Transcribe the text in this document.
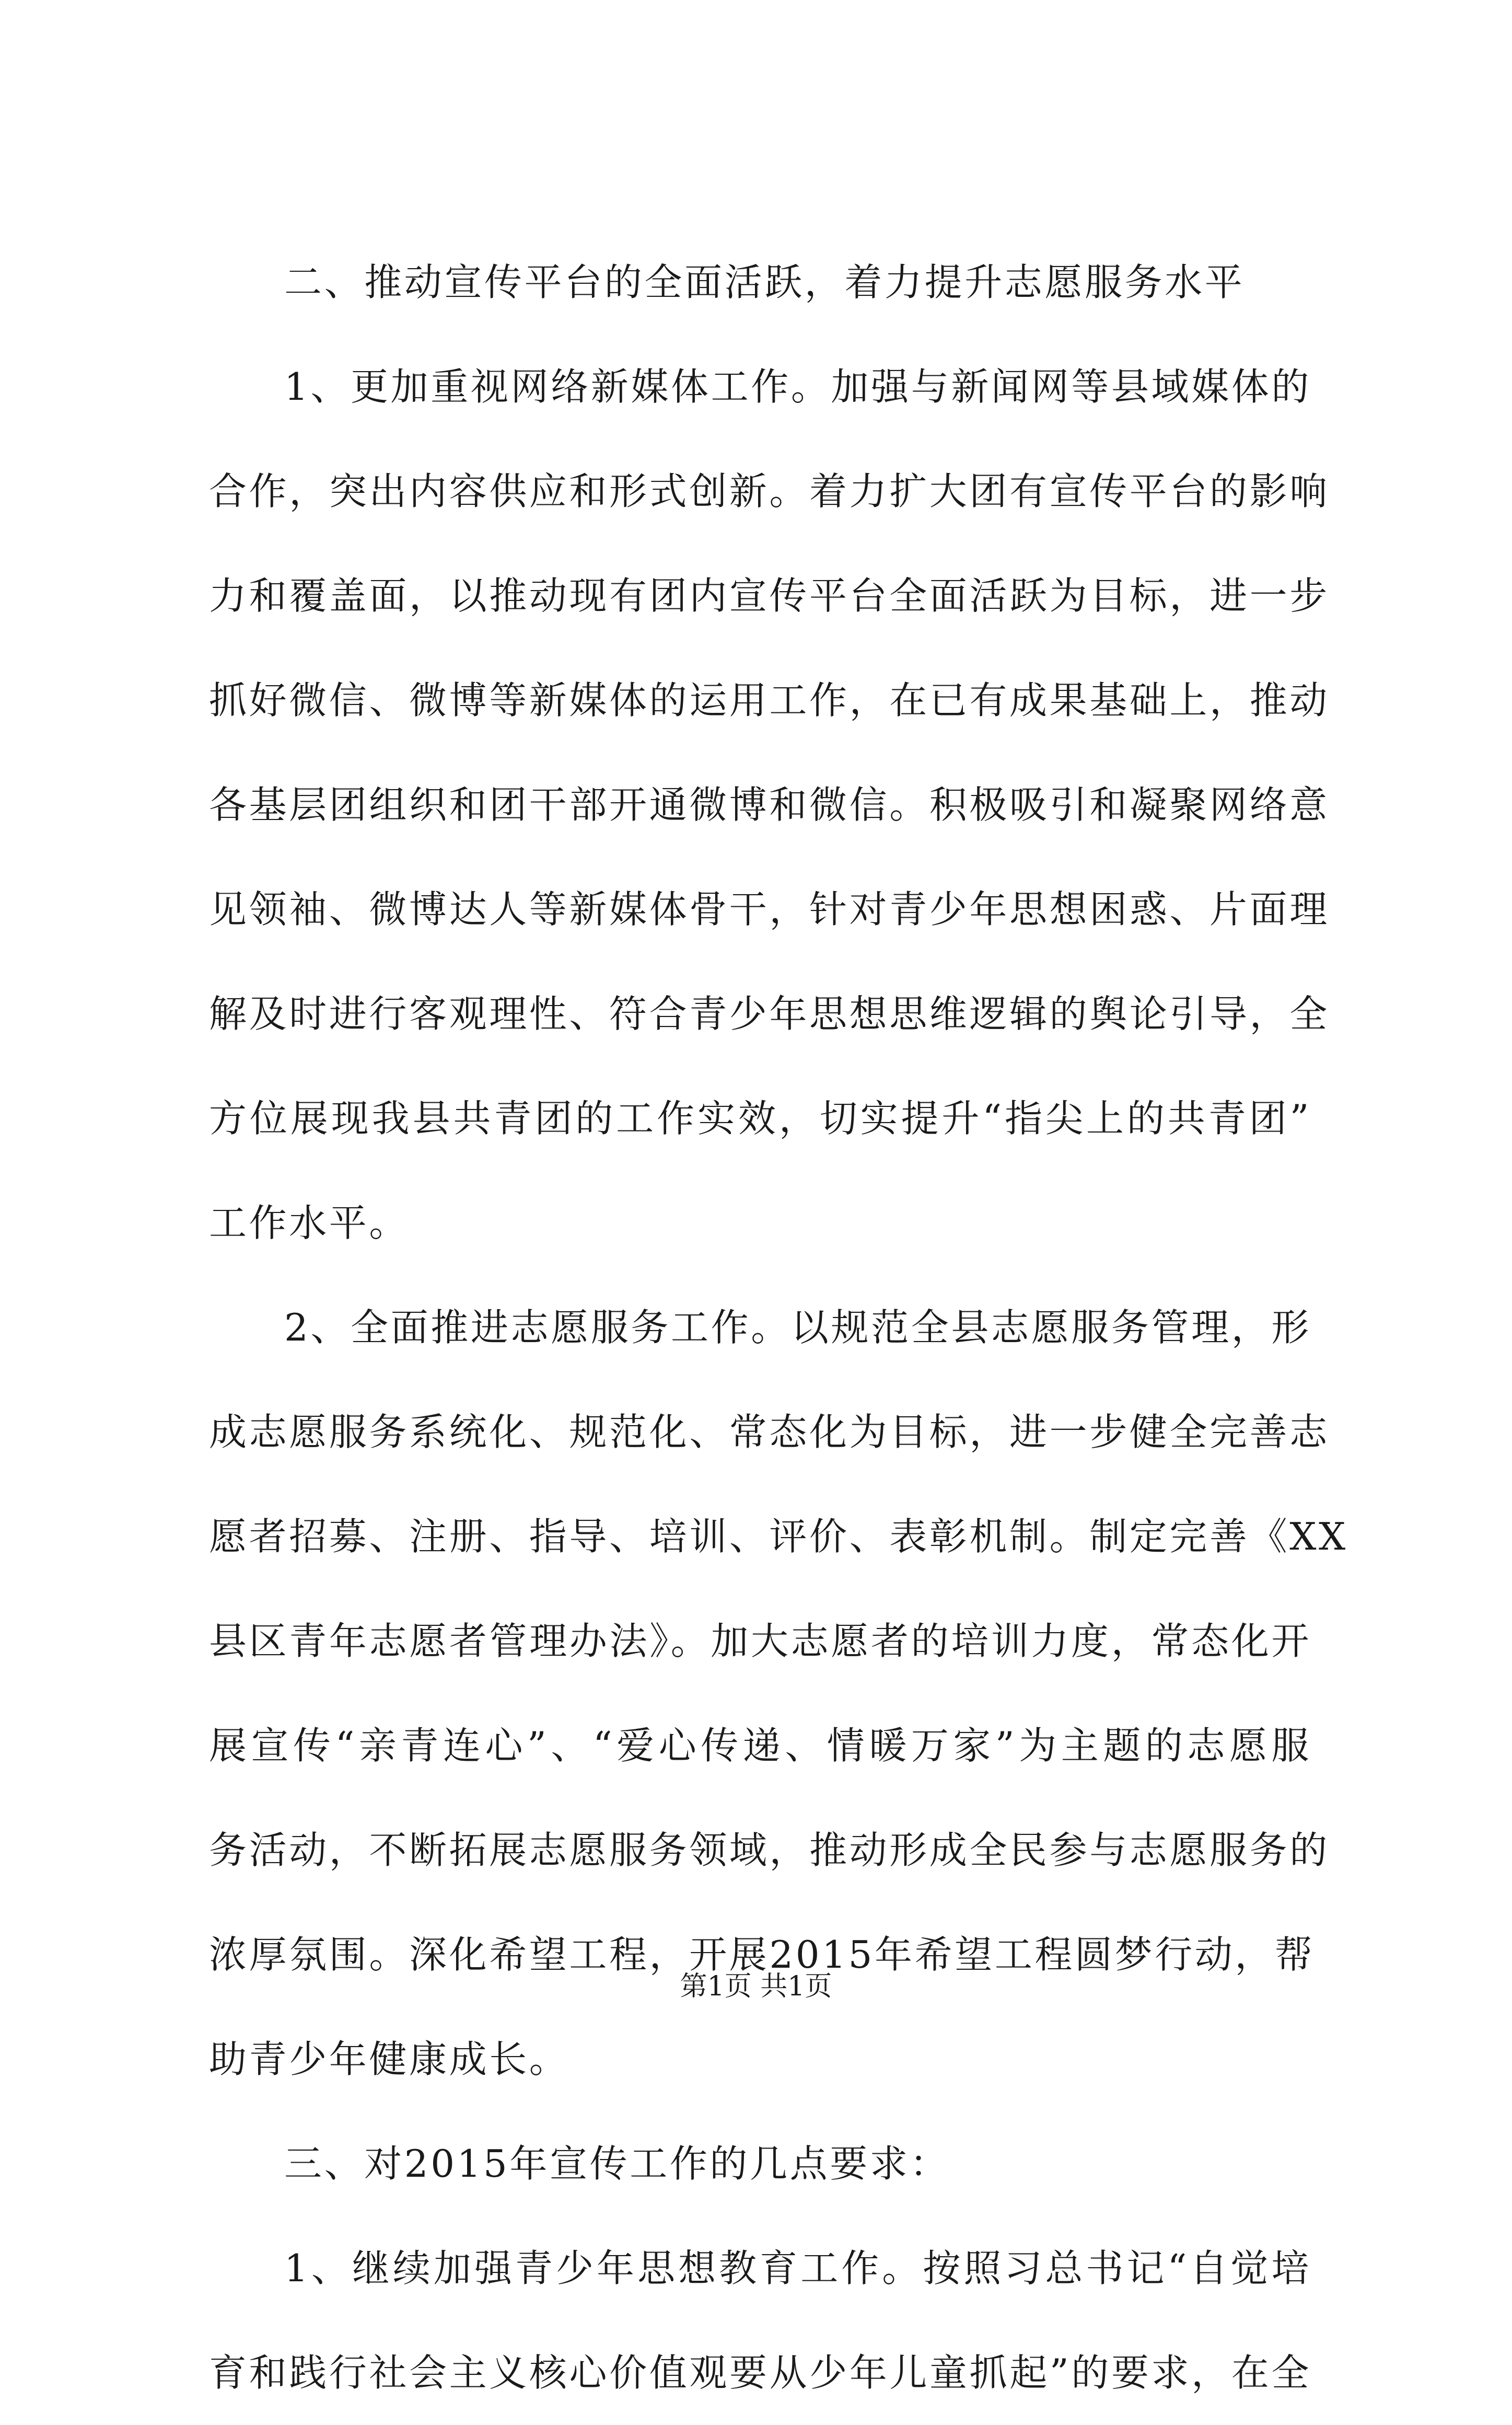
二、推动宣传平台的全面活跃，着力提升志愿服务水平
1、更加重视网络新媒体工作。加强与新闻网等县域媒体的
合作，突出内容供应和形式创新。着力扩大团有宣传平台的影响
力和覆盖面，以推动现有团内宣传平台全面活跃为目标，进一步
抓好微信、微博等新媒体的运用工作，在已有成果基础上，推动
各基层团组织和团干部开通微博和微信。积极吸引和凝聚网络意
见领袖、微博达人等新媒体骨干，针对青少年思想困惑、片面理
解及时进行客观理性、符合青少年思想思维逻辑的舆论引导，全
方位展现我县共青团的工作实效，切实提升“指尖上的共青团”
工作水平。
2、全面推进志愿服务工作。以规范全县志愿服务管理，形
成志愿服务系统化、规范化、常态化为目标，进一步健全完善志
愿者招募、注册、指导、培训、评价、表彰机制。制定完善《XX
县区青年志愿者管理办法》。加大志愿者的培训力度，常态化开
展宣传“亲青连心”、“爱心传递、情暖万家”为主题的志愿服
务活动，不断拓展志愿服务领域，推动形成全民参与志愿服务的
浓厚氛围。深化希望工程，开展2015年希望工程圆梦行动，帮
助青少年健康成长。
三、对2015年宣传工作的几点要求：
1、继续加强青少年思想教育工作。按照习总书记“自觉培
育和践行社会主义核心价值观要从少年儿童抓起”的要求，在全
第1页 共1页
